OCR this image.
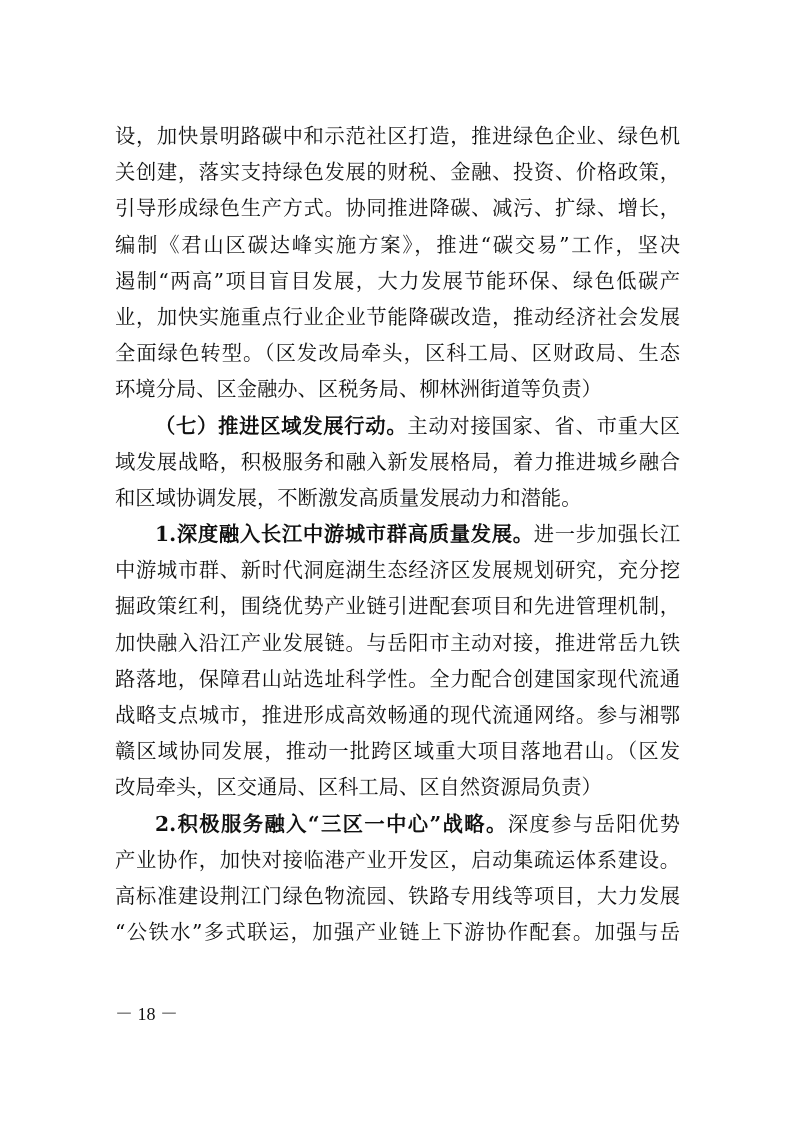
设，加快景明路碳中和示范社区打造，推进绿色企业、绿色机
关创建，落实支持绿色发展的财税、金融、投资、价格政策，
引导形成绿色生产方式。协同推进降碳、减污、扩绿、增长，
编制《君山区碳达峰实施方案》，推进“碳交易”工作，坚决
遏制“两高”项目盲目发展，大力发展节能环保、绿色低碳产
业，加快实施重点行业企业节能降碳改造，推动经济社会发展
全面绿色转型。（区发改局牵头，区科工局、区财政局、生态
环境分局、区金融办、区税务局、柳林洲街道等负责）
（七）推进区域发展行动。主动对接国家、省、市重大区
域发展战略，积极服务和融入新发展格局，着力推进城乡融合
和区域协调发展，不断激发高质量发展动力和潜能。
1.深度融入长江中游城市群高质量发展。进一步加强长江
中游城市群、新时代洞庭湖生态经济区发展规划研究，充分挖
掘政策红利，围绕优势产业链引进配套项目和先进管理机制，
加快融入沿江产业发展链。与岳阳市主动对接，推进常岳九铁
路落地，保障君山站选址科学性。全力配合创建国家现代流通
战略支点城市，推进形成高效畅通的现代流通网络。参与湘鄂
赣区域协同发展，推动一批跨区域重大项目落地君山。（区发
改局牵头，区交通局、区科工局、区自然资源局负责）
2.积极服务融入“三区一中心”战略。深度参与岳阳优势
产业协作，加快对接临港产业开发区，启动集疏运体系建设。
高标准建设荆江门绿色物流园、铁路专用线等项目，大力发展
“公铁水”多式联运，加强产业链上下游协作配套。加强与岳
－ 18 －
